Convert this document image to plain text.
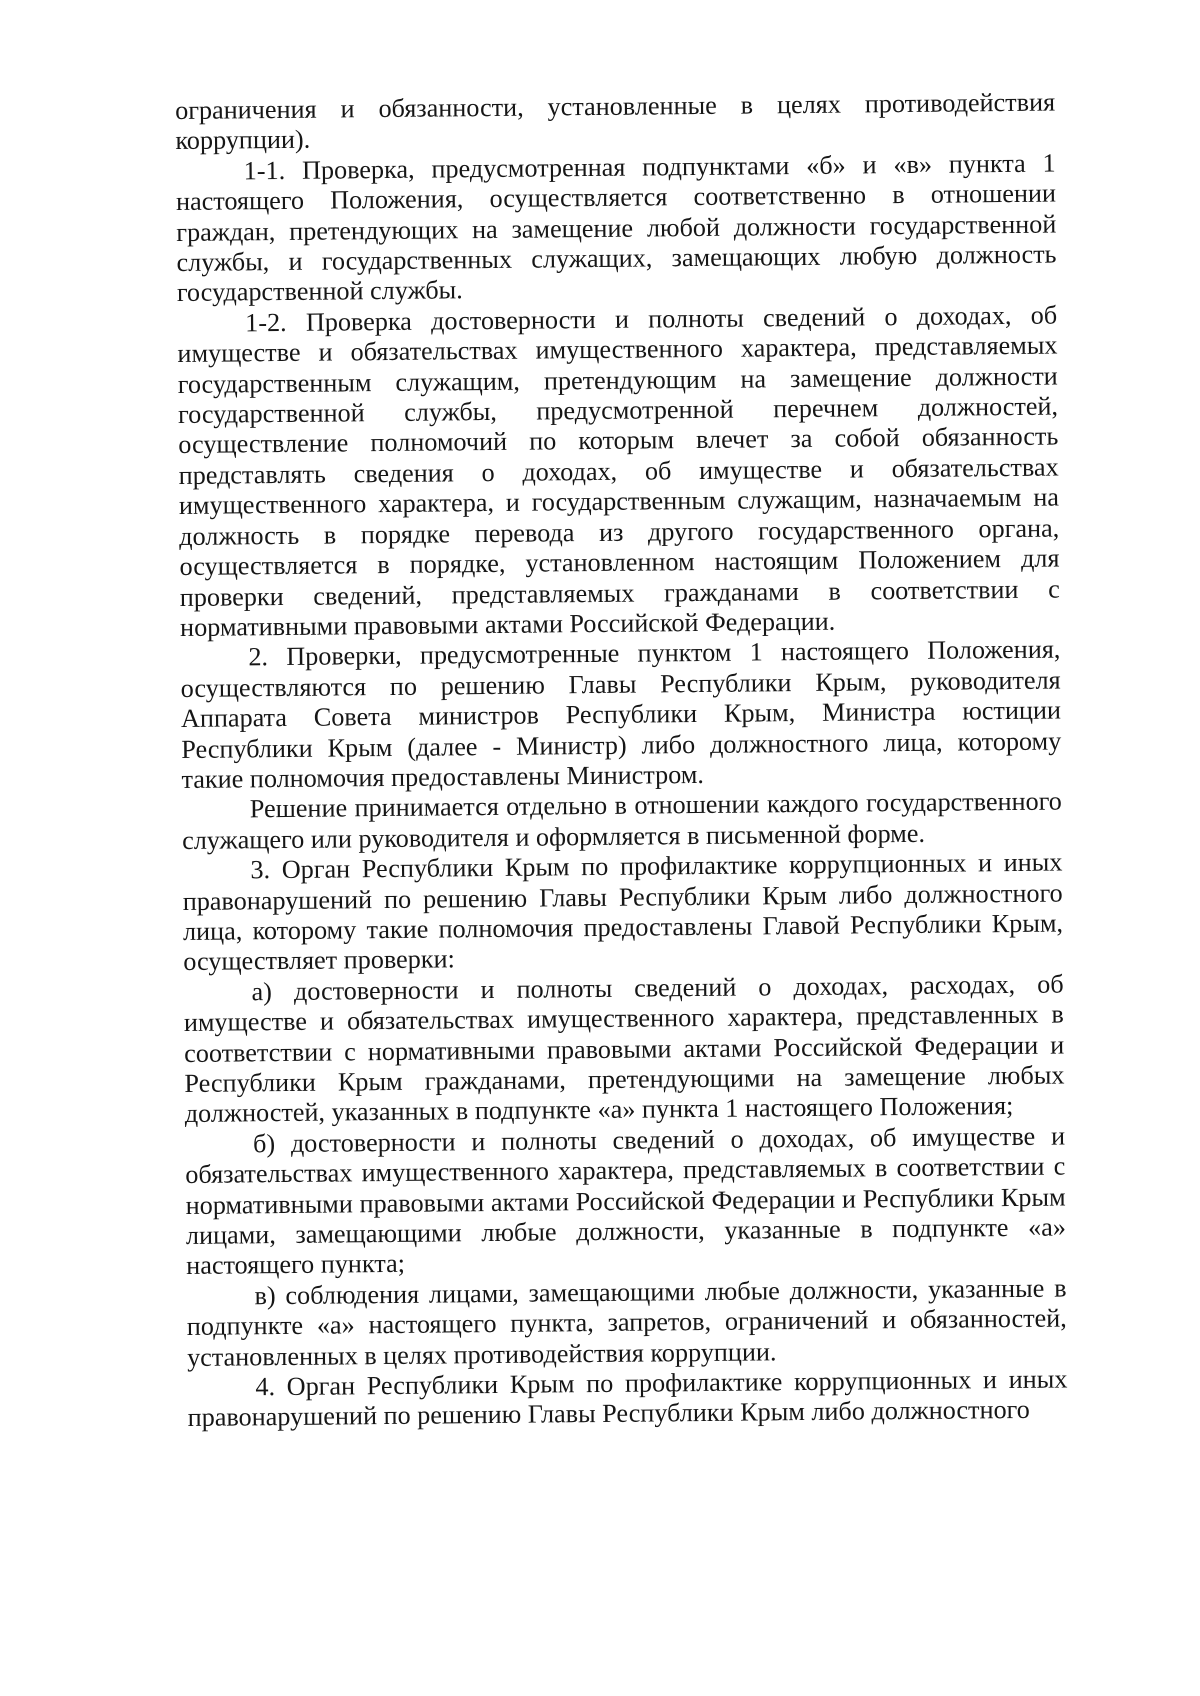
ограничения и обязанности, установленные в целях противодействия коррупции).

1-1. Проверка, предусмотренная подпунктами «б» и «в» пункта 1 настоящего Положения, осуществляется соответственно в отношении граждан, претендующих на замещение любой должности государственной службы, и государственных служащих, замещающих любую должность государственной службы.

1-2. Проверка достоверности и полноты сведений о доходах, об имуществе и обязательствах имущественного характера, представляемых государственным служащим, претендующим на замещение должности государственной службы, предусмотренной перечнем должностей, осуществление полномочий по которым влечет за собой обязанность представлять сведения о доходах, об имуществе и обязательствах имущественного характера, и государственным служащим, назначаемым на должность в порядке перевода из другого государственного органа, осуществляется в порядке, установленном настоящим Положением для проверки сведений, представляемых гражданами в соответствии с нормативными правовыми актами Российской Федерации.

2. Проверки, предусмотренные пунктом 1 настоящего Положения, осуществляются по решению Главы Республики Крым, руководителя Аппарата Совета министров Республики Крым, Министра юстиции Республики Крым (далее - Министр) либо должностного лица, которому такие полномочия предоставлены Министром.

Решение принимается отдельно в отношении каждого государственного служащего или руководителя и оформляется в письменной форме.

3. Орган Республики Крым по профилактике коррупционных и иных правонарушений по решению Главы Республики Крым либо должностного лица, которому такие полномочия предоставлены Главой Республики Крым, осуществляет проверки:

а) достоверности и полноты сведений о доходах, расходах, об имуществе и обязательствах имущественного характера, представленных в соответствии с нормативными правовыми актами Российской Федерации и Республики Крым гражданами, претендующими на замещение любых должностей, указанных в подпункте «а» пункта 1 настоящего Положения;

б) достоверности и полноты сведений о доходах, об имуществе и обязательствах имущественного характера, представляемых в соответствии с нормативными правовыми актами Российской Федерации и Республики Крым лицами, замещающими любые должности, указанные в подпункте «а» настоящего пункта;

в) соблюдения лицами, замещающими любые должности, указанные в подпункте «а» настоящего пункта, запретов, ограничений и обязанностей, установленных в целях противодействия коррупции.

4. Орган Республики Крым по профилактике коррупционных и иных правонарушений по решению Главы Республики Крым либо должностного
